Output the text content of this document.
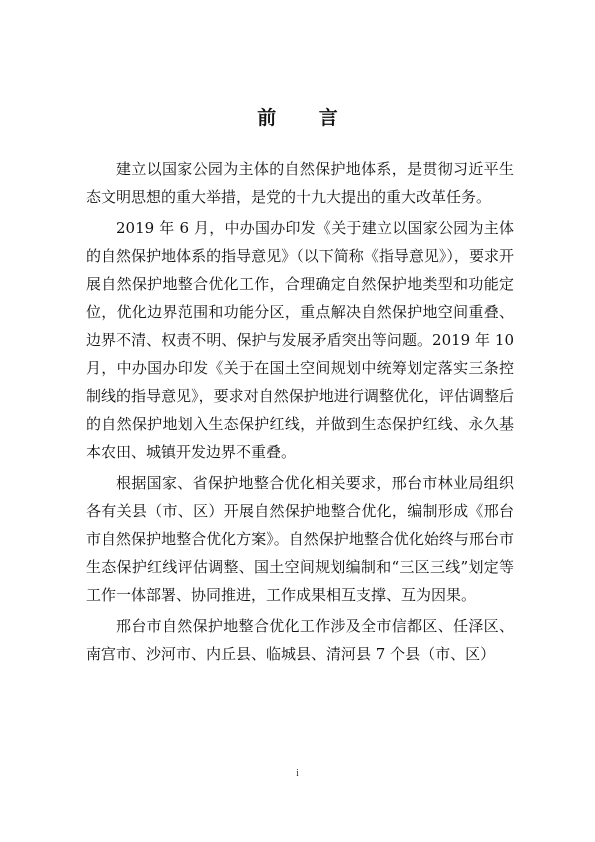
前 言

建立以国家公园为主体的自然保护地体系，是贯彻习近平生态文明思想的重大举措，是党的十九大提出的重大改革任务。

2019 年 6 月，中办国办印发《关于建立以国家公园为主体的自然保护地体系的指导意见》（以下简称《指导意见》），要求开展自然保护地整合优化工作，合理确定自然保护地类型和功能定位，优化边界范围和功能分区，重点解决自然保护地空间重叠、边界不清、权责不明、保护与发展矛盾突出等问题。2019 年 10 月，中办国办印发《关于在国土空间规划中统筹划定落实三条控制线的指导意见》，要求对自然保护地进行调整优化，评估调整后的自然保护地划入生态保护红线，并做到生态保护红线、永久基本农田、城镇开发边界不重叠。

根据国家、省保护地整合优化相关要求，邢台市林业局组织各有关县（市、区）开展自然保护地整合优化，编制形成《邢台市自然保护地整合优化方案》。自然保护地整合优化始终与邢台市生态保护红线评估调整、国土空间规划编制和“三区三线”划定等工作一体部署、协同推进，工作成果相互支撑、互为因果。

邢台市自然保护地整合优化工作涉及全市信都区、任泽区、南宫市、沙河市、内丘县、临城县、清河县 7 个县（市、区）

i
